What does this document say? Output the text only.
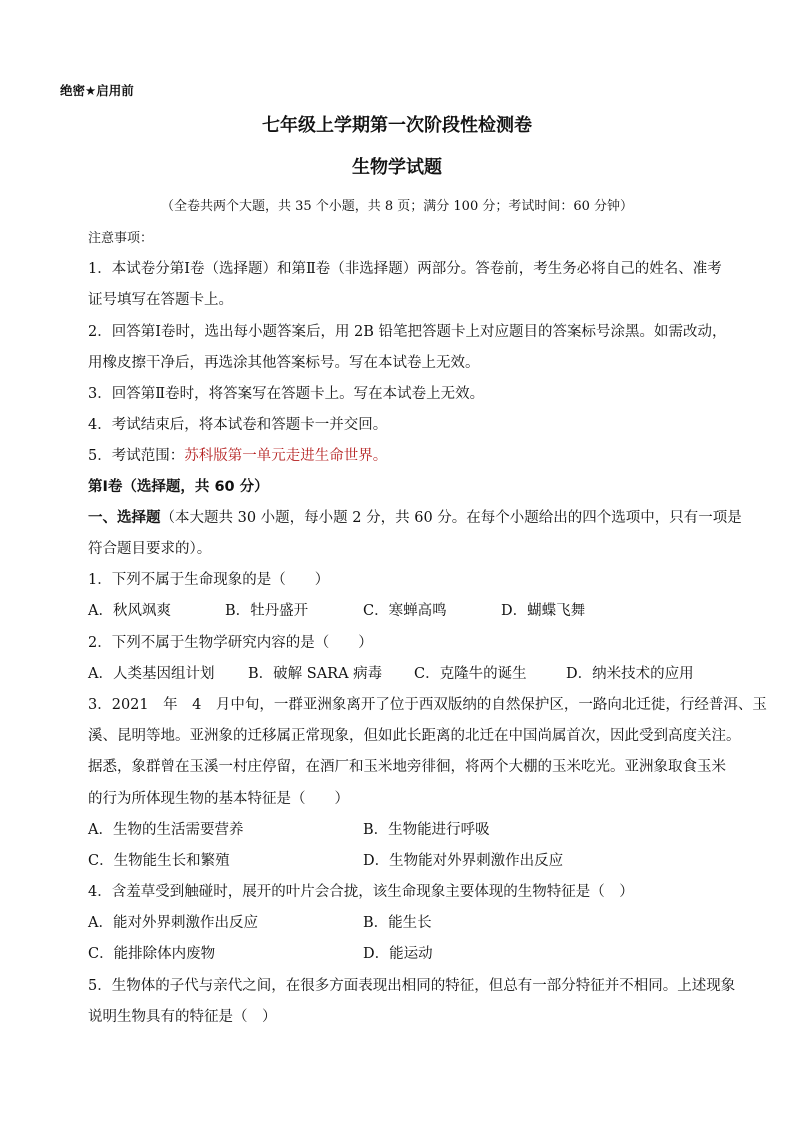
绝密★启用前
七年级上学期第一次阶段性检测卷
生物学试题
（全卷共两个大题，共 35 个小题，共 8 页；满分 100 分；考试时间：60 分钟）
注意事项：
1．本试卷分第Ⅰ卷（选择题）和第Ⅱ卷（非选择题）两部分。答卷前，考生务必将自己的姓名、准考
证号填写在答题卡上。
2．回答第Ⅰ卷时，选出每小题答案后，用 2B 铅笔把答题卡上对应题目的答案标号涂黑。如需改动，
用橡皮擦干净后，再选涂其他答案标号。写在本试卷上无效。
3．回答第Ⅱ卷时，将答案写在答题卡上。写在本试卷上无效。
4．考试结束后，将本试卷和答题卡一并交回。
5．考试范围：苏科版第一单元走进生命世界。
第Ⅰ卷（选择题，共 60 分）
一、选择题（本大题共 30 小题，每小题 2 分，共 60 分。在每个小题给出的四个选项中，只有一项是
符合题目要求的）。
1．下列不属于生命现象的是（　　）
A．秋风飒爽	B．牡丹盛开	C．寒蝉高鸣	D．蝴蝶飞舞
2．下列不属于生物学研究内容的是（　　）
A．人类基因组计划 B．破解 SARA 病毒 C．克隆牛的诞生	D．纳米技术的应用
3．2021　年　4　月中旬，一群亚洲象离开了位于西双版纳的自然保护区，一路向北迁徙，行经普洱、玉
溪、昆明等地。亚洲象的迁移属正常现象，但如此长距离的北迁在中国尚属首次，因此受到高度关注。
据悉，象群曾在玉溪一村庄停留，在酒厂和玉米地旁徘徊，将两个大棚的玉米吃光。亚洲象取食玉米
的行为所体现生物的基本特征是（　　）
A．生物的生活需要营养	B．生物能进行呼吸
C．生物能生长和繁殖	D．生物能对外界刺激作出反应
4．含羞草受到触碰时，展开的叶片会合拢，该生命现象主要体现的生物特征是（　）
A．能对外界刺激作出反应	B．能生长
C．能排除体内废物	D．能运动
5．生物体的子代与亲代之间，在很多方面表现出相同的特征，但总有一部分特征并不相同。上述现象
说明生物具有的特征是（　）
